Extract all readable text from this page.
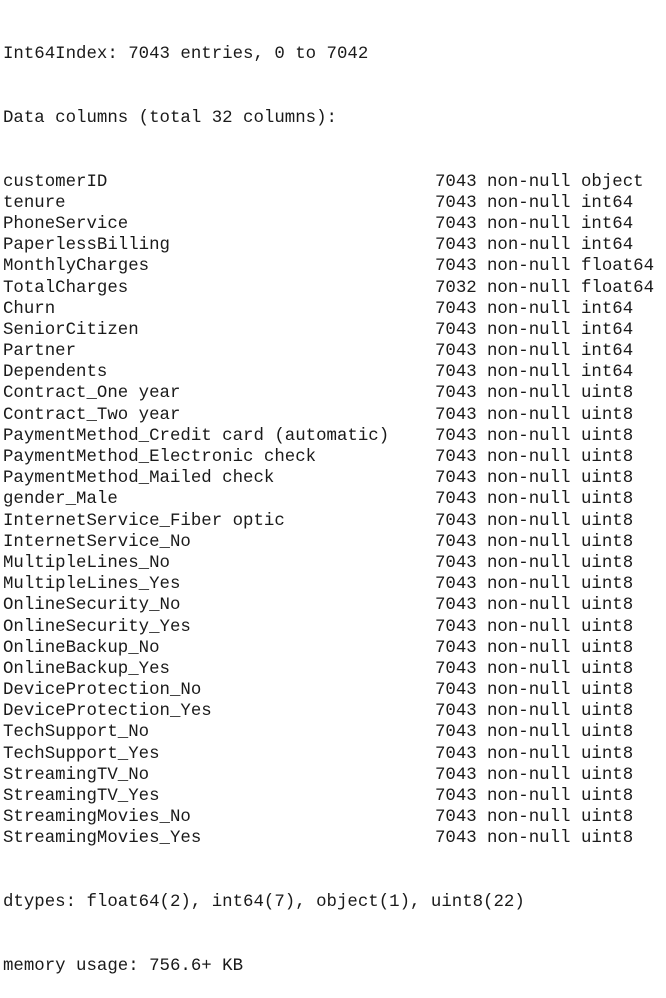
Int64Index: 7043 entries, 0 to 7042

Data columns (total 32 columns):

customerID	7043 non-null object
tenure	7043 non-null int64
PhoneService	7043 non-null int64
PaperlessBilling	7043 non-null int64
MonthlyCharges	7043 non-null float64
TotalCharges	7032 non-null float64
Churn	7043 non-null int64
SeniorCitizen	7043 non-null int64
Partner	7043 non-null int64
Dependents	7043 non-null int64
Contract_One year	7043 non-null uint8
Contract_Two year	7043 non-null uint8
PaymentMethod_Credit card (automatic)	7043 non-null uint8
PaymentMethod_Electronic check	7043 non-null uint8
PaymentMethod_Mailed check	7043 non-null uint8
gender_Male	7043 non-null uint8
InternetService_Fiber optic	7043 non-null uint8
InternetService_No	7043 non-null uint8
MultipleLines_No	7043 non-null uint8
MultipleLines_Yes	7043 non-null uint8
OnlineSecurity_No	7043 non-null uint8
OnlineSecurity_Yes	7043 non-null uint8
OnlineBackup_No	7043 non-null uint8
OnlineBackup_Yes	7043 non-null uint8
DeviceProtection_No	7043 non-null uint8
DeviceProtection_Yes	7043 non-null uint8
TechSupport_No	7043 non-null uint8
TechSupport_Yes	7043 non-null uint8
StreamingTV_No	7043 non-null uint8
StreamingTV_Yes	7043 non-null uint8
StreamingMovies_No	7043 non-null uint8
StreamingMovies_Yes	7043 non-null uint8

dtypes: float64(2), int64(7), object(1), uint8(22)

memory usage: 756.6+ KB
